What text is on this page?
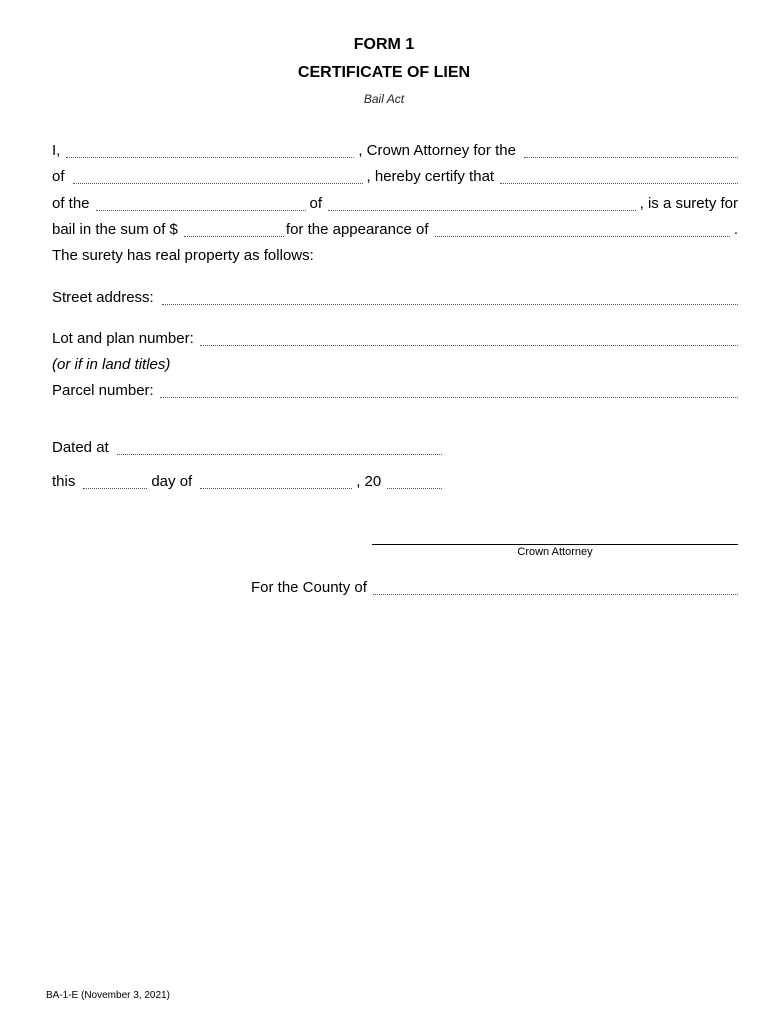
FORM 1
CERTIFICATE OF LIEN
Bail Act
I,	, Crown Attorney for the
of	, hereby certify that
of the	of	, is a surety for
bail in the sum of $	for the appearance of	.
The surety has real property as follows:
Street address:
Lot and plan number:
(or if in land titles)
Parcel number:
Dated at
this	day of	, 20
Crown Attorney
For the County of
BA-1-E (November 3, 2021)
